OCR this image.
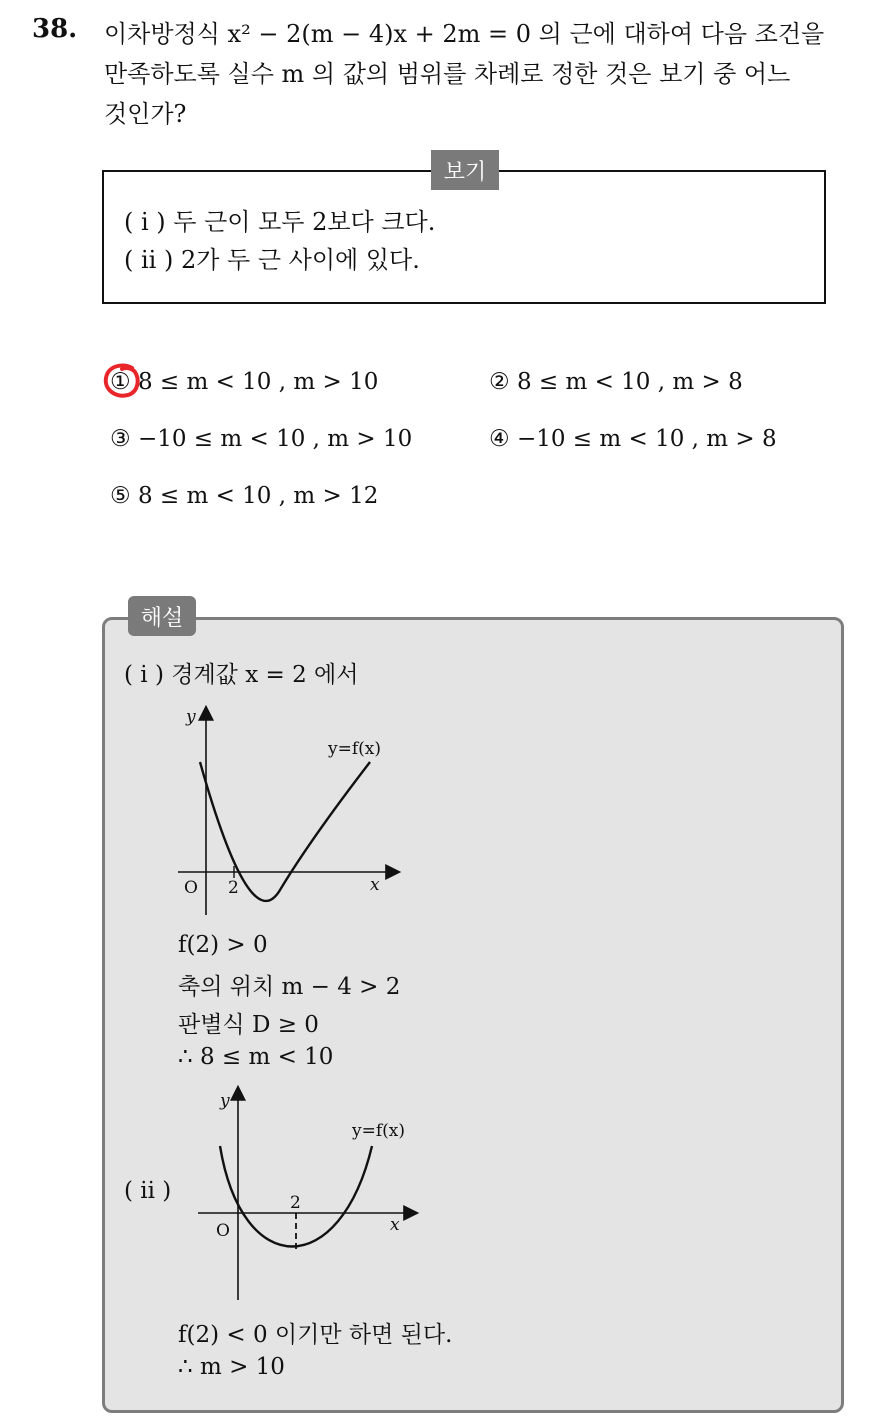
38. 이차방정식 x² − 2(m − 4)x + 2m = 0 의 근에 대하여 다음 조건을
만족하도록 실수 m 의 값의 범위를 차례로 정한 것은 보기 중 어느
것인가?
보기
( i ) 두 근이 모두 2보다 크다.
( ii ) 2가 두 근 사이에 있다.
① 8 ≤ m < 10 , m > 10	② 8 ≤ m < 10 , m > 8
③ −10 ≤ m < 10 , m > 10	④ −10 ≤ m < 10 , m > 8
⑤ 8 ≤ m < 10 , m > 12
해설
( i ) 경계값 x = 2 에서
y
x
O 2
y=f(x)
f(2) > 0
축의 위치 m − 4 > 2
판별식 D ≥ 0
∴ 8 ≤ m < 10
( ii )
y
x
O
2
y=f(x)
f(2) < 0 이기만 하면 된다.
∴ m > 10
